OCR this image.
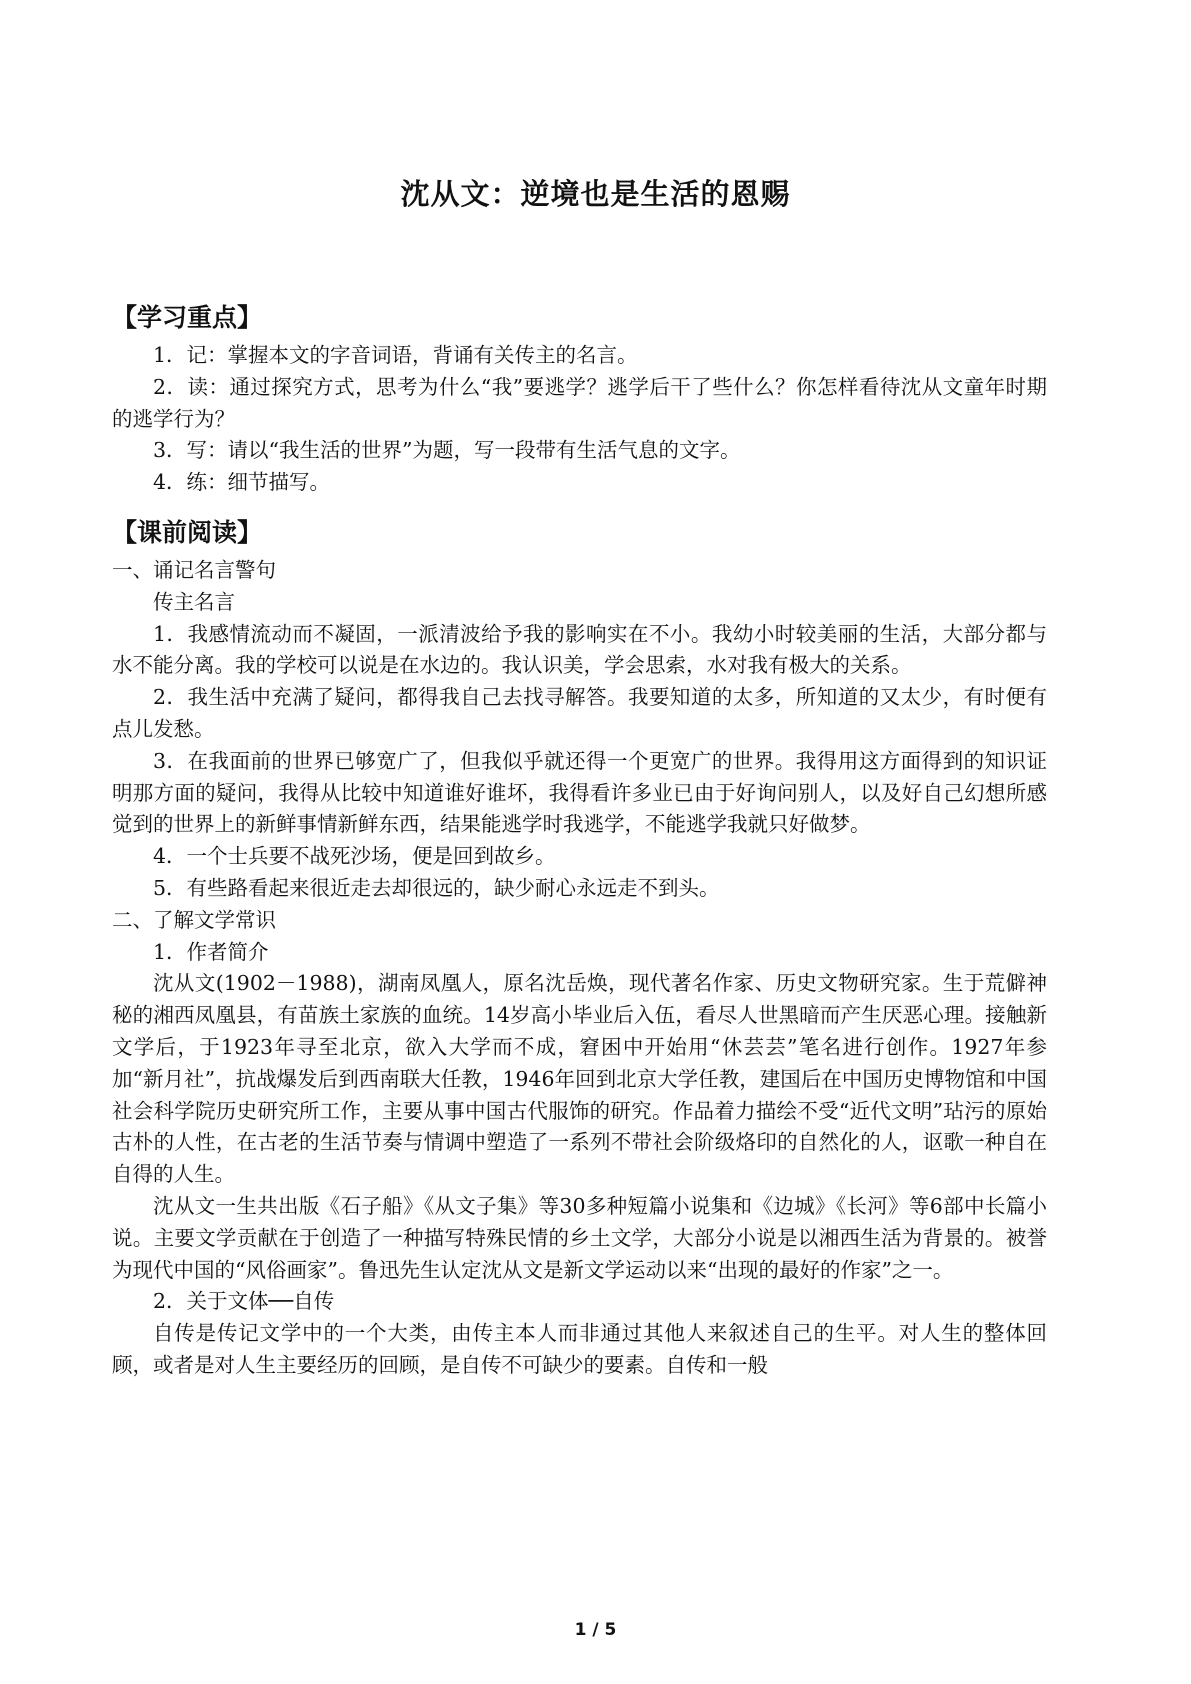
沈从文：逆境也是生活的恩赐
【学习重点】

1．记：掌握本文的字音词语，背诵有关传主的名言。

2．读：通过探究方式，思考为什么“我”要逃学？逃学后干了些什么？你怎样看待沈从文童年时期的逃学行为？

3．写：请以“我生活的世界”为题，写一段带有生活气息的文字。

4．练：细节描写。

【课前阅读】

一、诵记名言警句

传主名言

1．我感情流动而不凝固，一派清波给予我的影响实在不小。我幼小时较美丽的生活，大部分都与水不能分离。我的学校可以说是在水边的。我认识美，学会思索，水对我有极大的关系。

2．我生活中充满了疑问，都得我自己去找寻解答。我要知道的太多，所知道的又太少，有时便有点儿发愁。

3．在我面前的世界已够宽广了，但我似乎就还得一个更宽广的世界。我得用这方面得到的知识证明那方面的疑问，我得从比较中知道谁好谁坏，我得看许多业已由于好询问别人，以及好自己幻想所感觉到的世界上的新鲜事情新鲜东西，结果能逃学时我逃学，不能逃学我就只好做梦。

4．一个士兵要不战死沙场，便是回到故乡。

5．有些路看起来很近走去却很远的，缺少耐心永远走不到头。

二、了解文学常识

1．作者简介

沈从文(1902－1988)，湖南凤凰人，原名沈岳焕，现代著名作家、历史文物研究家。生于荒僻神秘的湘西凤凰县，有苗族土家族的血统。14岁高小毕业后入伍，看尽人世黑暗而产生厌恶心理。接触新文学后，于1923年寻至北京，欲入大学而不成，窘困中开始用“休芸芸”笔名进行创作。1927年参加“新月社”，抗战爆发后到西南联大任教，1946年回到北京大学任教，建国后在中国历史博物馆和中国社会科学院历史研究所工作，主要从事中国古代服饰的研究。作品着力描绘不受“近代文明”玷污的原始古朴的人性，在古老的生活节奏与情调中塑造了一系列不带社会阶级烙印的自然化的人，讴歌一种自在自得的人生。

沈从文一生共出版《石子船》《从文子集》等30多种短篇小说集和《边城》《长河》等6部中长篇小说。主要文学贡献在于创造了一种描写特殊民情的乡土文学，大部分小说是以湘西生活为背景的。被誉为现代中国的“风俗画家”。鲁迅先生认定沈从文是新文学运动以来“出现的最好的作家”之一。

2．关于文体──自传

自传是传记文学中的一个大类，由传主本人而非通过其他人来叙述自己的生平。对人生的整体回顾，或者是对人生主要经历的回顾，是自传不可缺少的要素。自传和一般

1 / 5
